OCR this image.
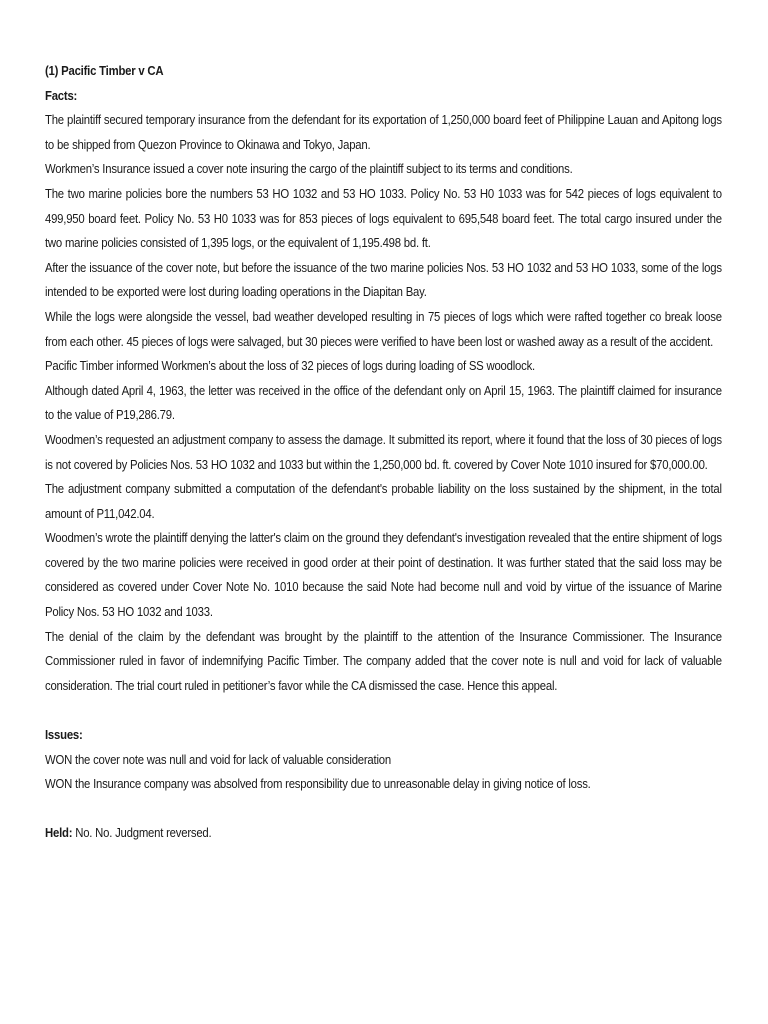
(1) Pacific Timber v CA

Facts:

The plaintiff secured temporary insurance from the defendant for its exportation of 1,250,000 board feet of Philippine Lauan and Apitong logs to be shipped from Quezon Province to Okinawa and Tokyo, Japan.

Workmen’s Insurance issued a cover note insuring the cargo of the plaintiff subject to its terms and conditions.

The two marine policies bore the numbers 53 HO 1032 and 53 HO 1033. Policy No. 53 H0 1033 was for 542 pieces of logs equivalent to 499,950 board feet. Policy No. 53 H0 1033 was for 853 pieces of logs equivalent to 695,548 board feet. The total cargo insured under the two marine policies consisted of 1,395 logs, or the equivalent of 1,195.498 bd. ft.

After the issuance of the cover note, but before the issuance of the two marine policies Nos. 53 HO 1032 and 53 HO 1033, some of the logs intended to be exported were lost during loading operations in the Diapitan Bay.

While the logs were alongside the vessel, bad weather developed resulting in 75 pieces of logs which were rafted together co break loose from each other. 45 pieces of logs were salvaged, but 30 pieces were verified to have been lost or washed away as a result of the accident.

Pacific Timber informed Workmen’s about the loss of 32 pieces of logs during loading of SS woodlock.

Although dated April 4, 1963, the letter was received in the office of the defendant only on April 15, 1963. The plaintiff claimed for insurance to the value of P19,286.79.

Woodmen’s requested an adjustment company to assess the damage. It submitted its report, where it found that the loss of 30 pieces of logs is not covered by Policies Nos. 53 HO 1032 and 1033 but within the 1,250,000 bd. ft. covered by Cover Note 1010 insured for $70,000.00.

The adjustment company submitted a computation of the defendant's probable liability on the loss sustained by the shipment, in the total amount of P11,042.04.

Woodmen’s wrote the plaintiff denying the latter's claim on the ground they defendant's investigation revealed that the entire shipment of logs covered by the two marine policies were received in good order at their point of destination. It was further stated that the said loss may be considered as covered under Cover Note No. 1010 because the said Note had become null and void by virtue of the issuance of Marine Policy Nos. 53 HO 1032 and 1033.

The denial of the claim by the defendant was brought by the plaintiff to the attention of the Insurance Commissioner. The Insurance Commissioner ruled in favor of indemnifying Pacific Timber. The company added that the cover note is null and void for lack of valuable consideration. The trial court ruled in petitioner’s favor while the CA dismissed the case. Hence this appeal.

Issues:

WON the cover note was null and void for lack of valuable consideration

WON the Insurance company was absolved from responsibility due to unreasonable delay in giving notice of loss.

Held: No. No. Judgment reversed.
